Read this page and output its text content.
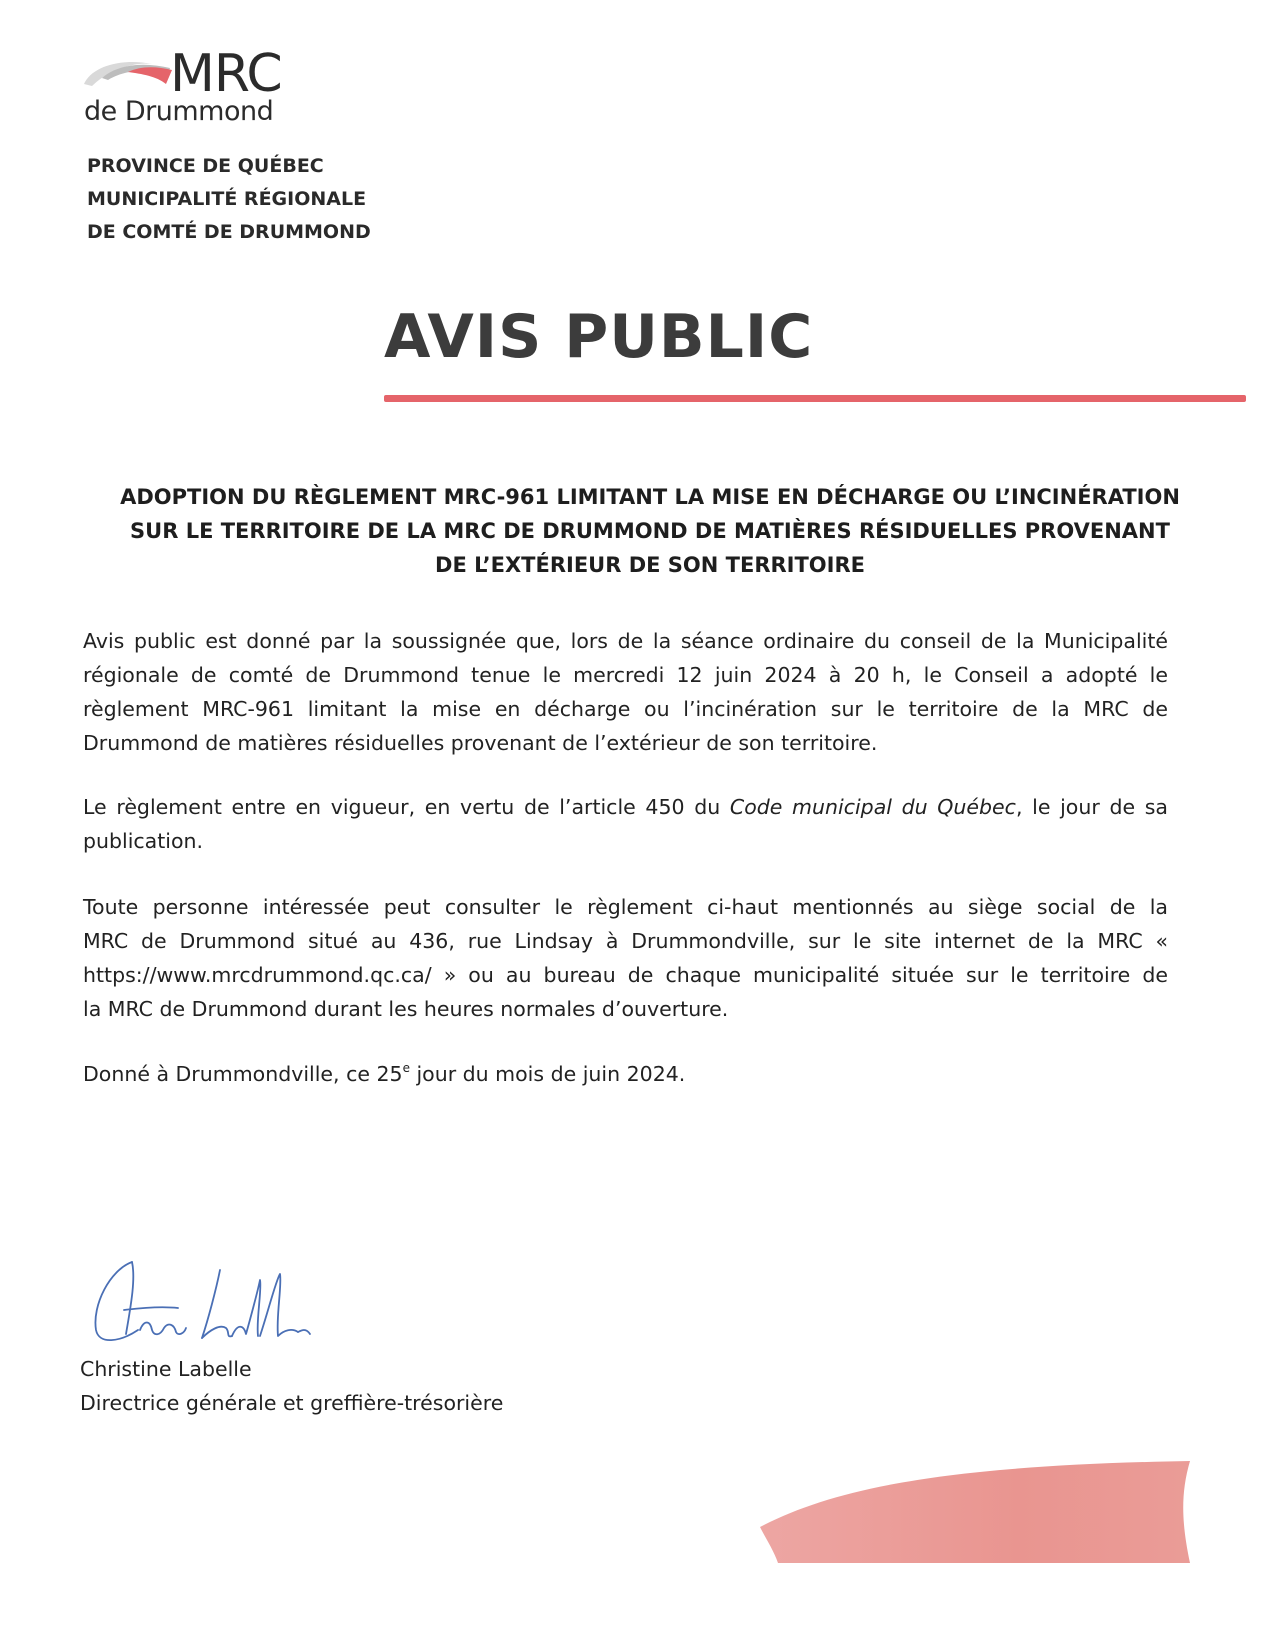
MRC
de Drummond
PROVINCE DE QUÉBEC
MUNICIPALITÉ RÉGIONALE
DE COMTÉ DE DRUMMOND
AVIS PUBLIC
ADOPTION DU RÈGLEMENT MRC-961 LIMITANT LA MISE EN DÉCHARGE OU L’INCINÉRATION
SUR LE TERRITOIRE DE LA MRC DE DRUMMOND DE MATIÈRES RÉSIDUELLES PROVENANT
DE L’EXTÉRIEUR DE SON TERRITOIRE
Avis public est donné par la soussignée que, lors de la séance ordinaire du conseil de la Municipalité
régionale de comté de Drummond tenue le mercredi 12 juin 2024 à 20 h, le Conseil a adopté le
règlement MRC-961 limitant la mise en décharge ou l’incinération sur le territoire de la MRC de
Drummond de matières résiduelles provenant de l’extérieur de son territoire.
Le règlement entre en vigueur, en vertu de l’article 450 du Code municipal du Québec, le jour de sa
publication.
Toute personne intéressée peut consulter le règlement ci-haut mentionnés au siège social de la
MRC de Drummond situé au 436, rue Lindsay à Drummondville, sur le site internet de la MRC «
https://www.mrcdrummond.qc.ca/ » ou au bureau de chaque municipalité située sur le territoire de
la MRC de Drummond durant les heures normales d’ouverture.
Donné à Drummondville, ce 25e jour du mois de juin 2024.
Christine Labelle
Directrice générale et greffière-trésorière
